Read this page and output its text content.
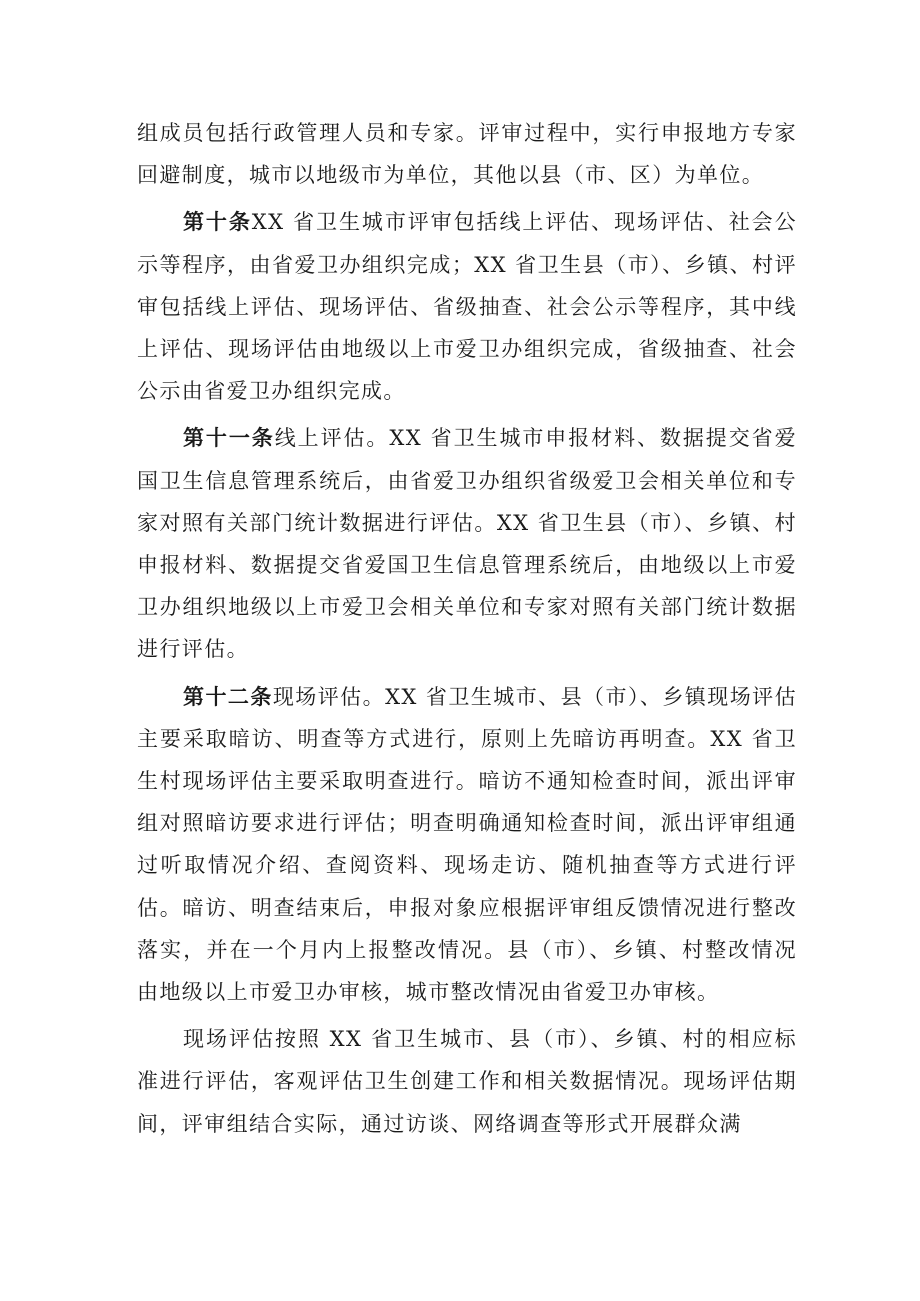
组成员包括行政管理人员和专家。评审过程中，实行申报地方专家回避制度，城市以地级市为单位，其他以县（市、区）为单位。

第十条XX 省卫生城市评审包括线上评估、现场评估、社会公示等程序，由省爱卫办组织完成；XX 省卫生县（市）、乡镇、村评审包括线上评估、现场评估、省级抽查、社会公示等程序，其中线上评估、现场评估由地级以上市爱卫办组织完成，省级抽查、社会公示由省爱卫办组织完成。

第十一条线上评估。XX 省卫生城市申报材料、数据提交省爱国卫生信息管理系统后，由省爱卫办组织省级爱卫会相关单位和专家对照有关部门统计数据进行评估。XX 省卫生县（市）、乡镇、村申报材料、数据提交省爱国卫生信息管理系统后，由地级以上市爱卫办组织地级以上市爱卫会相关单位和专家对照有关部门统计数据进行评估。

第十二条现场评估。XX 省卫生城市、县（市）、乡镇现场评估主要采取暗访、明查等方式进行，原则上先暗访再明查。XX 省卫生村现场评估主要采取明查进行。暗访不通知检查时间，派出评审组对照暗访要求进行评估；明查明确通知检查时间，派出评审组通过听取情况介绍、查阅资料、现场走访、随机抽查等方式进行评估。暗访、明查结束后，申报对象应根据评审组反馈情况进行整改落实，并在一个月内上报整改情况。县（市）、乡镇、村整改情况由地级以上市爱卫办审核，城市整改情况由省爱卫办审核。

现场评估按照 XX 省卫生城市、县（市）、乡镇、村的相应标准进行评估，客观评估卫生创建工作和相关数据情况。现场评估期间，评审组结合实际，通过访谈、网络调查等形式开展群众满
